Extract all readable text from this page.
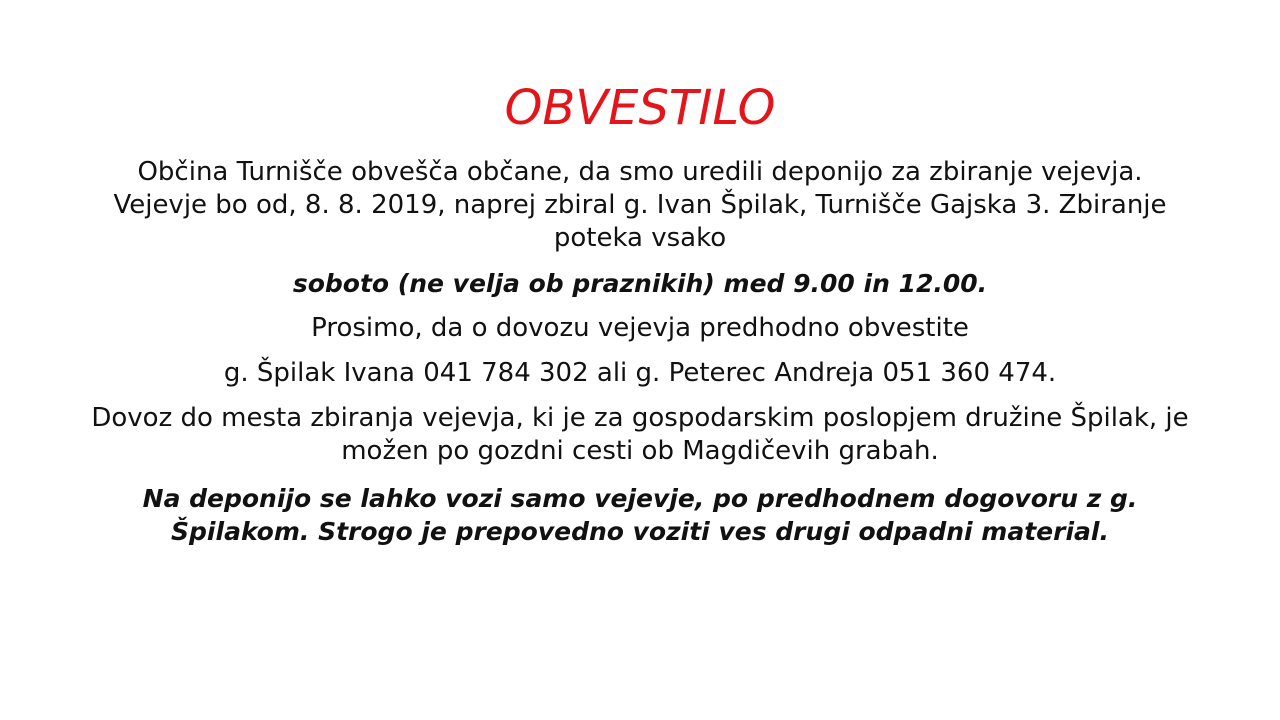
OBVESTILO

Občina Turnišče obvešča občane, da smo uredili deponijo za zbiranje vejevja. Vejevje bo od, 8. 8. 2019, naprej zbiral g. Ivan Špilak, Turnišče Gajska 3. Zbiranje poteka vsako

soboto (ne velja ob praznikih) med 9.00 in 12.00.

Prosimo, da o dovozu vejevja predhodno obvestite

g. Špilak Ivana 041 784 302 ali g. Peterec Andreja 051 360 474.

Dovoz do mesta zbiranja vejevja, ki je za gospodarskim poslopjem družine Špilak, je možen po gozdni cesti ob Magdičevih grabah.

Na deponijo se lahko vozi samo vejevje, po predhodnem dogovoru z g. Špilakom. Strogo je prepovedno voziti ves drugi odpadni material.
